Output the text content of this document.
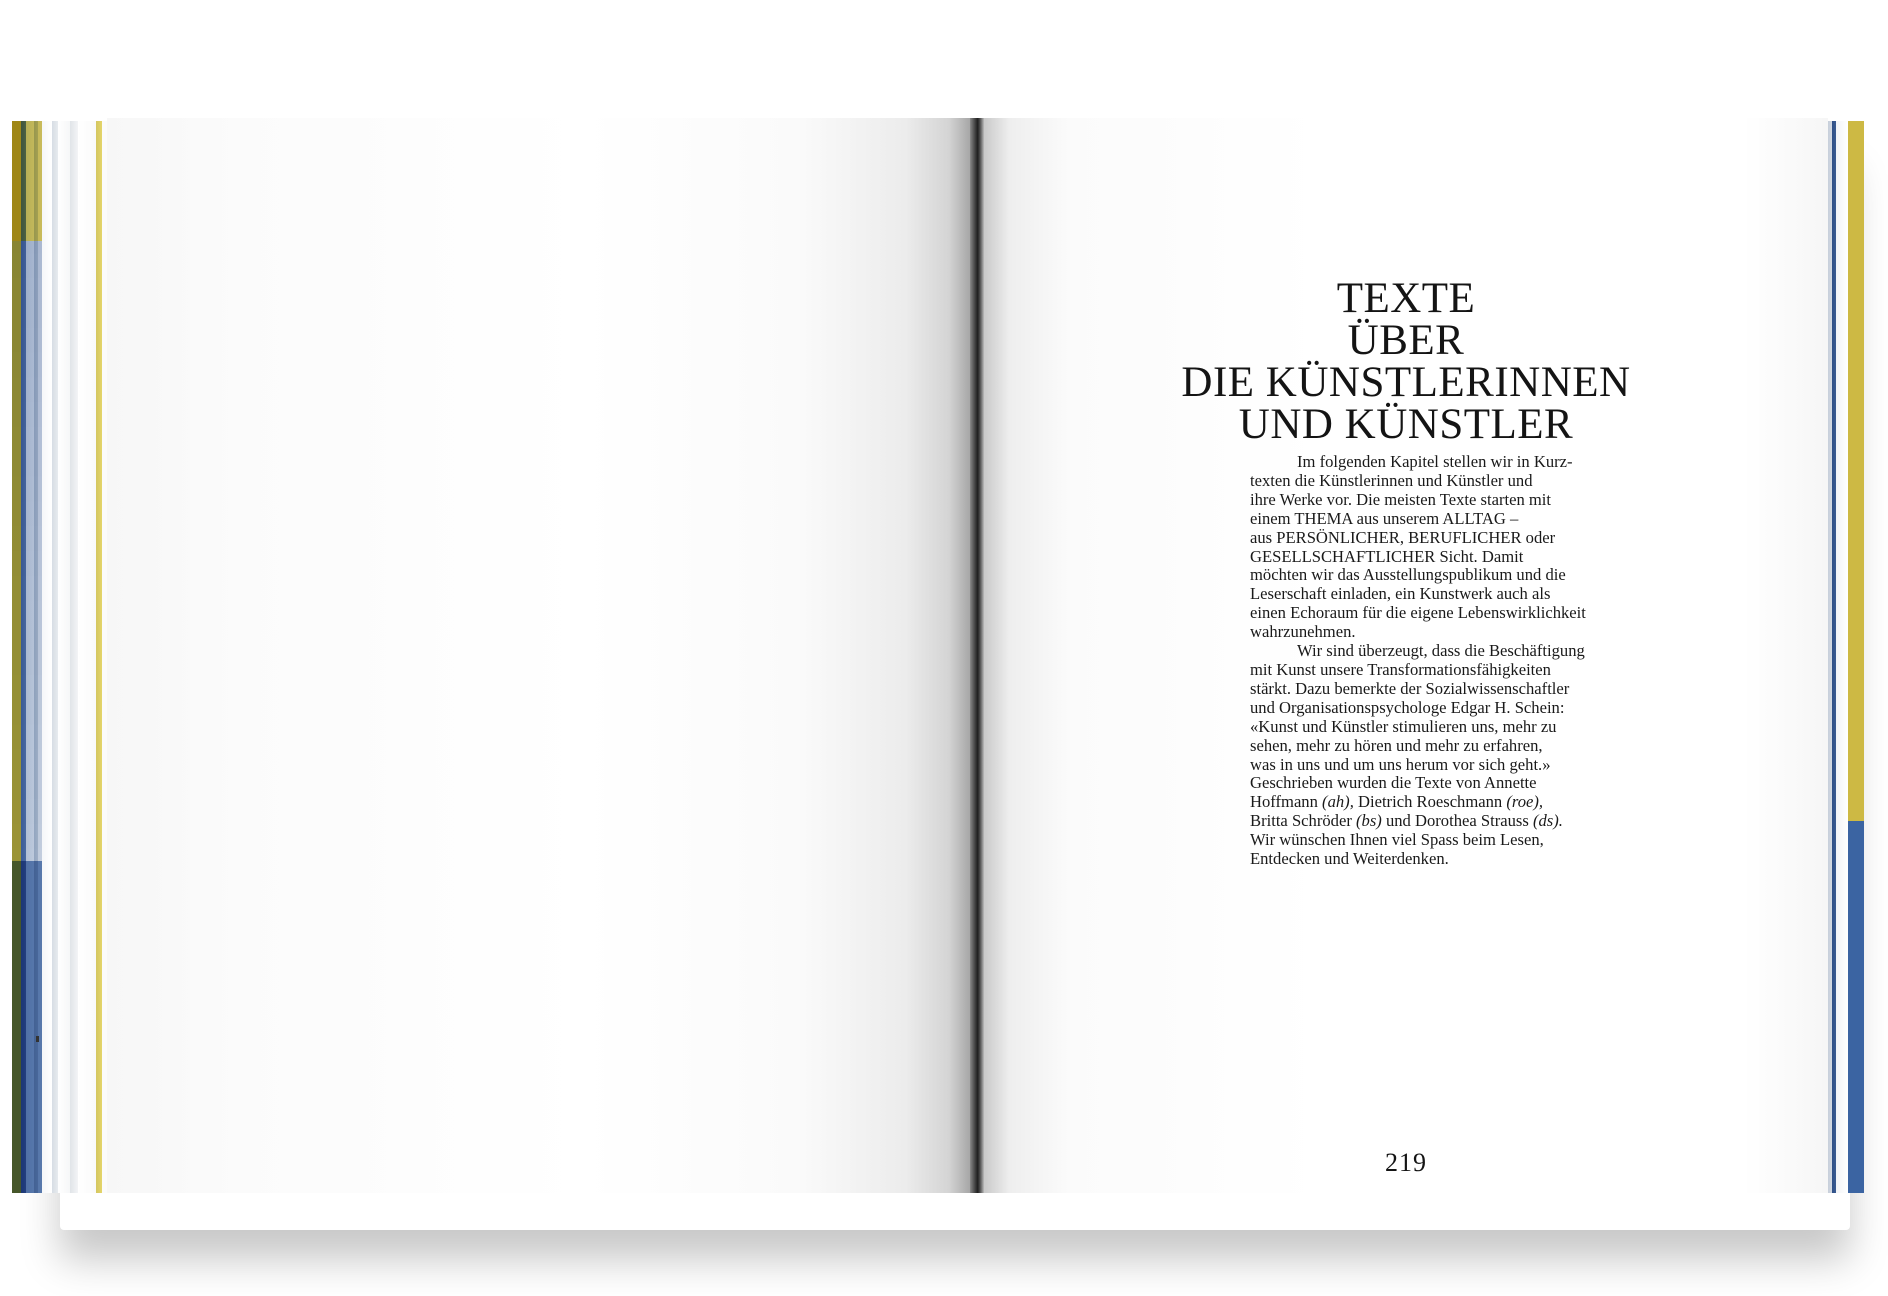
TEXTE
ÜBER
DIE KÜNSTLERINNEN
UND KÜNSTLER
Im folgenden Kapitel stellen wir in Kurz-
texten die Künstlerinnen und Künstler und
ihre Werke vor. Die meisten Texte starten mit
einem THEMA aus unserem ALLTAG –
aus PERSÖNLICHER, BERUFLICHER oder
GESELLSCHAFTLICHER Sicht. Damit
möchten wir das Ausstellungspublikum und die
Leserschaft einladen, ein Kunstwerk auch als
einen Echoraum für die eigene Lebenswirklichkeit
wahrzunehmen.
Wir sind überzeugt, dass die Beschäftigung
mit Kunst unsere Transformationsfähigkeiten
stärkt. Dazu bemerkte der Sozialwissenschaftler
und Organisationspsychologe Edgar H. Schein:
«Kunst und Künstler stimulieren uns, mehr zu
sehen, mehr zu hören und mehr zu erfahren,
was in uns und um uns herum vor sich geht.»
Geschrieben wurden die Texte von Annette
Hoffmann (ah), Dietrich Roeschmann (roe),
Britta Schröder (bs) und Dorothea Strauss (ds).
Wir wünschen Ihnen viel Spass beim Lesen,
Entdecken und Weiterdenken.
219
